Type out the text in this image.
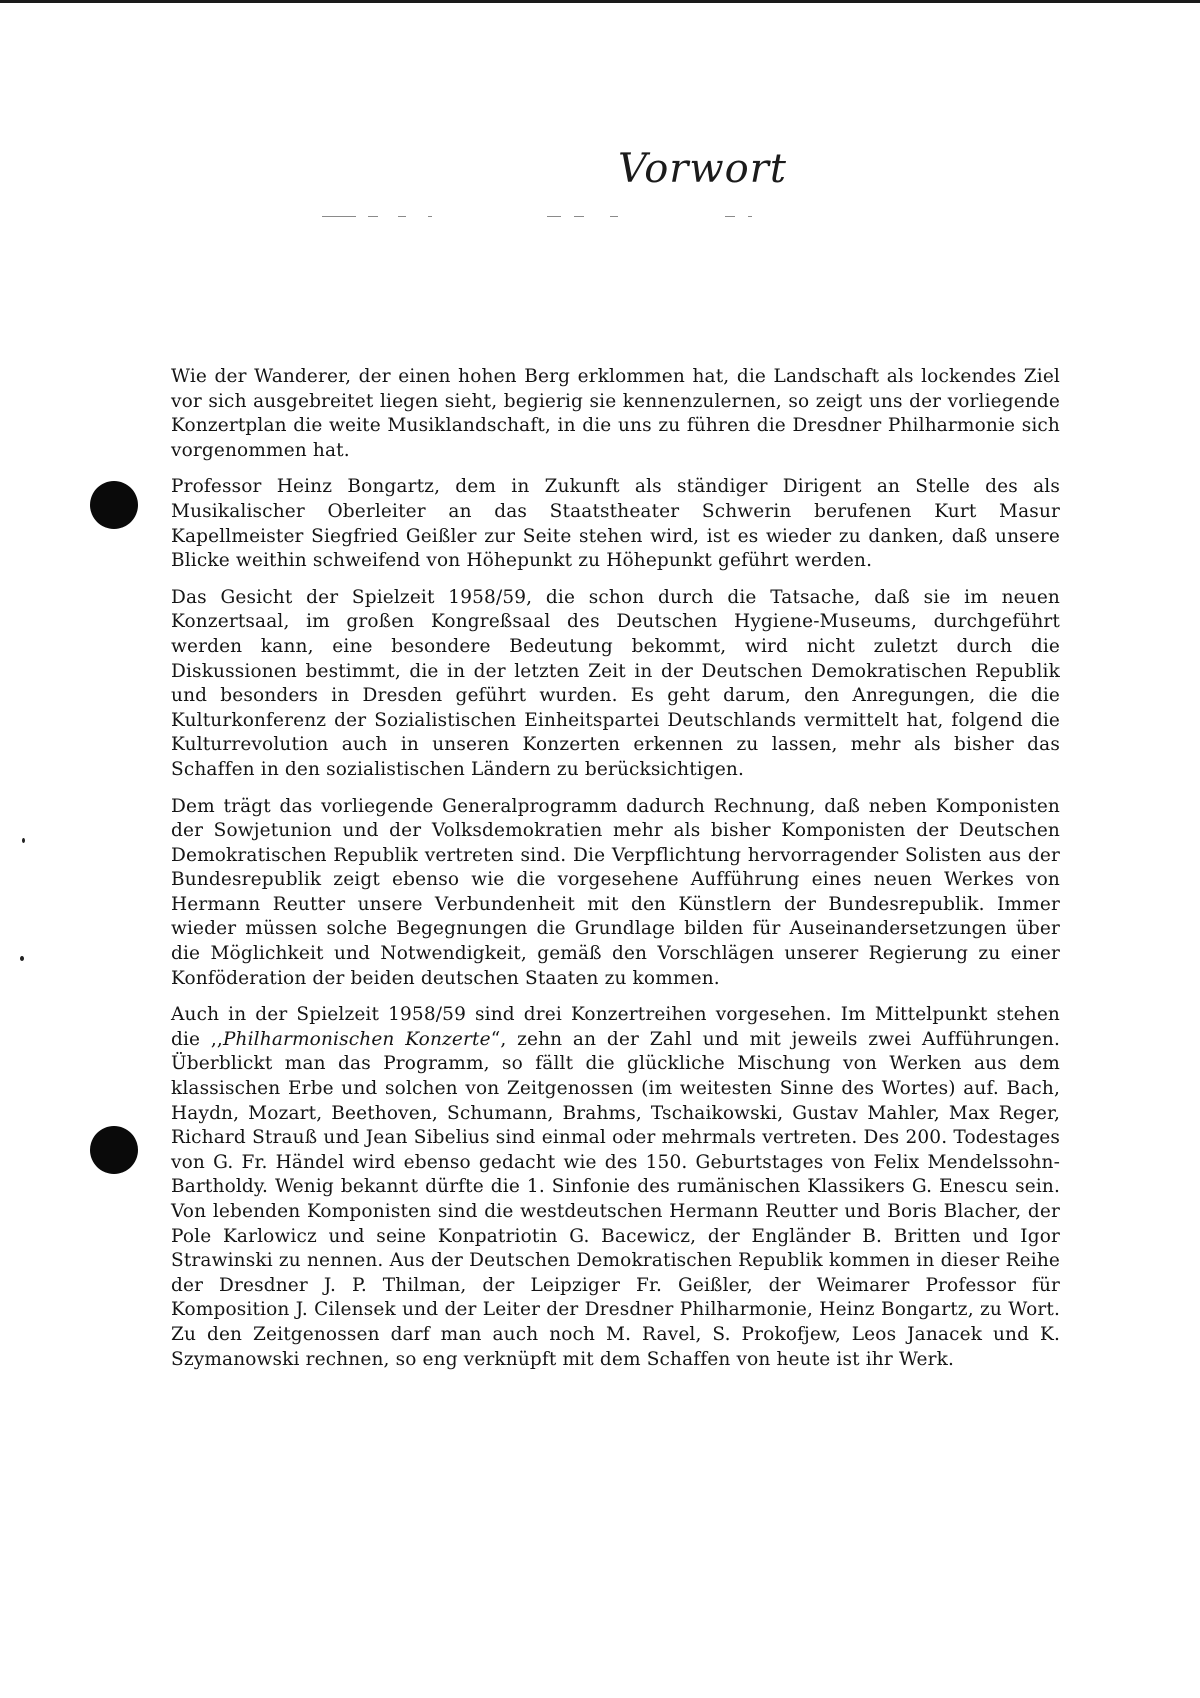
Vorwort

Wie der Wanderer, der einen hohen Berg erklommen hat, die Landschaft als lockendes Ziel vor sich ausgebreitet liegen sieht, begierig sie kennenzulernen, so zeigt uns der vorliegende Konzertplan die weite Musiklandschaft, in die uns zu führen die Dresdner Philharmonie sich vorgenommen hat.

Professor Heinz Bongartz, dem in Zukunft als ständiger Dirigent an Stelle des als Musikalischer Oberleiter an das Staatstheater Schwerin berufenen Kurt Masur Kapellmeister Siegfried Geißler zur Seite stehen wird, ist es wieder zu danken, daß unsere Blicke weithin schweifend von Höhepunkt zu Höhepunkt geführt werden.

Das Gesicht der Spielzeit 1958/59, die schon durch die Tatsache, daß sie im neuen Konzertsaal, im großen Kongreßsaal des Deutschen Hygiene-Museums, durchgeführt werden kann, eine besondere Bedeutung bekommt, wird nicht zuletzt durch die Diskussionen bestimmt, die in der letzten Zeit in der Deutschen Demokratischen Republik und besonders in Dresden geführt wurden. Es geht darum, den Anregungen, die die Kulturkonferenz der Sozialistischen Einheitspartei Deutschlands vermittelt hat, folgend die Kulturrevolution auch in unseren Konzerten erkennen zu lassen, mehr als bisher das Schaffen in den sozialistischen Ländern zu berücksichtigen.

Dem trägt das vorliegende Generalprogramm dadurch Rechnung, daß neben Komponisten der Sowjetunion und der Volksdemokratien mehr als bisher Komponisten der Deutschen Demokratischen Republik vertreten sind. Die Verpflichtung hervorragender Solisten aus der Bundesrepublik zeigt ebenso wie die vorgesehene Aufführung eines neuen Werkes von Hermann Reutter unsere Verbundenheit mit den Künstlern der Bundesrepublik. Immer wieder müssen solche Begegnungen die Grundlage bilden für Auseinandersetzungen über die Möglichkeit und Notwendigkeit, gemäß den Vorschlägen unserer Regierung zu einer Konföderation der beiden deutschen Staaten zu kommen.

Auch in der Spielzeit 1958/59 sind drei Konzertreihen vorgesehen. Im Mittelpunkt stehen die ,,Philharmonischen Konzerte“, zehn an der Zahl und mit jeweils zwei Aufführungen. Überblickt man das Programm, so fällt die glückliche Mischung von Werken aus dem klassischen Erbe und solchen von Zeitgenossen (im weitesten Sinne des Wortes) auf. Bach, Haydn, Mozart, Beethoven, Schumann, Brahms, Tschaikowski, Gustav Mahler, Max Reger, Richard Strauß und Jean Sibelius sind einmal oder mehrmals vertreten. Des 200. Todestages von G. Fr. Händel wird ebenso gedacht wie des 150. Geburtstages von Felix Mendelssohn-Bartholdy. Wenig bekannt dürfte die 1. Sinfonie des rumänischen Klassikers G. Enescu sein. Von lebenden Komponisten sind die westdeutschen Hermann Reutter und Boris Blacher, der Pole Karlowicz und seine Konpatriotin G. Bacewicz, der Engländer B. Britten und Igor Strawinski zu nennen. Aus der Deutschen Demokratischen Republik kommen in dieser Reihe der Dresdner J. P. Thilman, der Leipziger Fr. Geißler, der Weimarer Professor für Komposition J. Cilensek und der Leiter der Dresdner Philharmonie, Heinz Bongartz, zu Wort. Zu den Zeitgenossen darf man auch noch M. Ravel, S. Prokofjew, Leos Janacek und K. Szymanowski rechnen, so eng verknüpft mit dem Schaffen von heute ist ihr Werk.
